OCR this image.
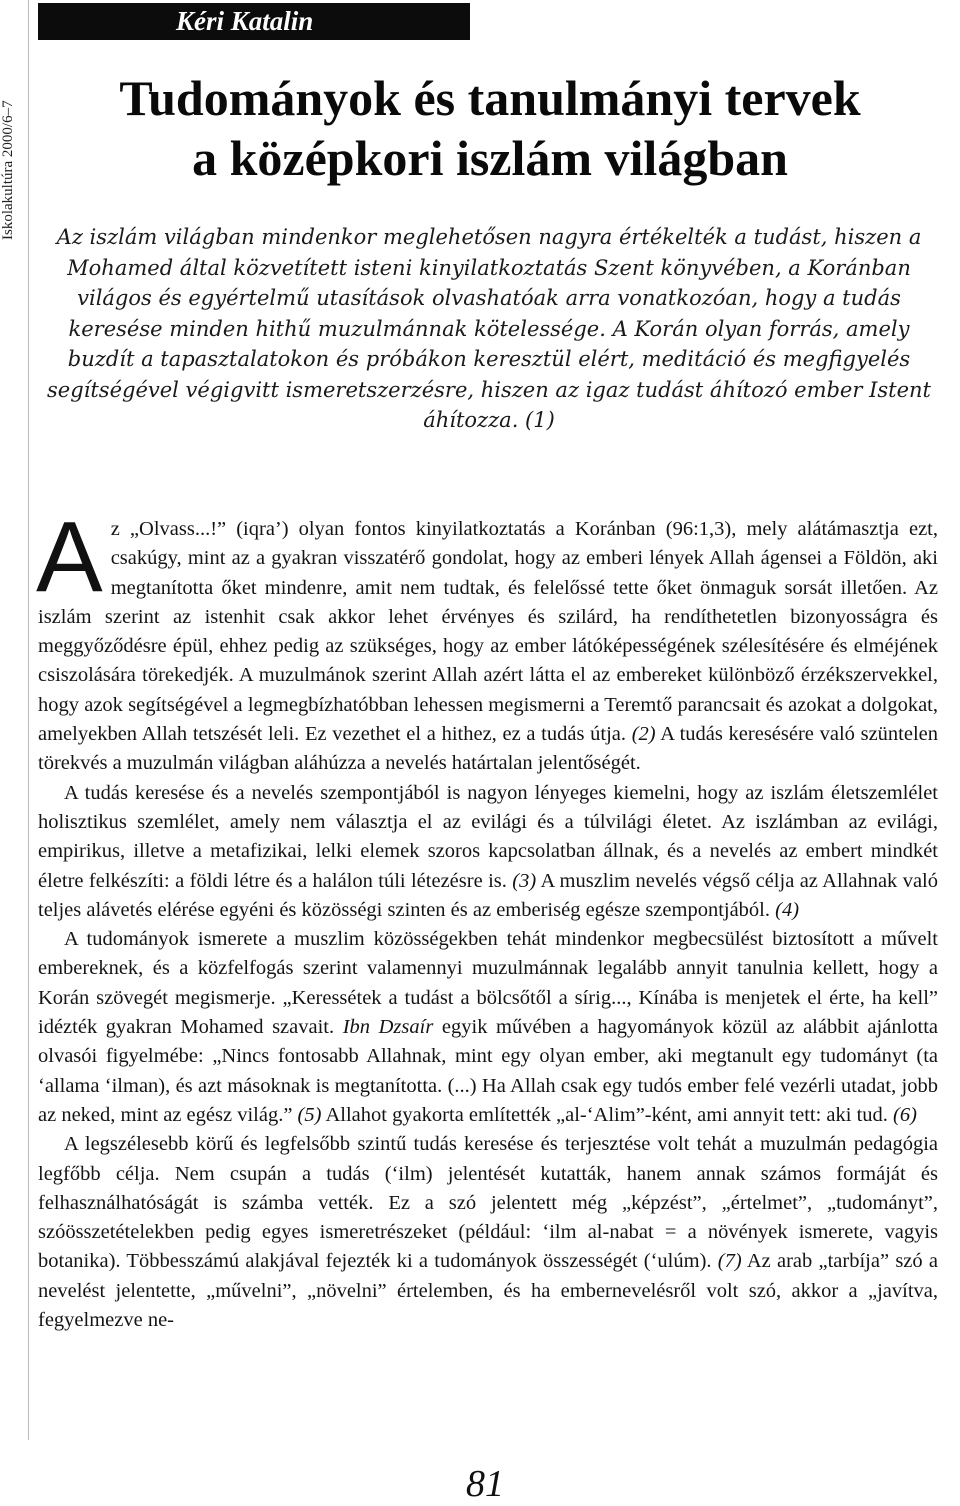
Iskolakultúra 2000/6–7
Kéri Katalin
Tudományok és tanulmányi tervek
a középkori iszlám világban

Az iszlám világban mindenkor meglehetősen nagyra értékelték a tudást, hiszen a Mohamed által közvetített isteni kinyilatkoztatás Szent könyvében, a Koránban világos és egyértelmű utasítások olvashatóak arra vonatkozóan, hogy a tudás keresése minden hithű muzulmánnak kötelessége. A Korán olyan forrás, amely buzdít a tapasztalatokon és próbákon keresztül elért, meditáció és megfigyelés segítségével végigvitt ismeretszerzésre, hiszen az igaz tudást áhítozó ember Istent áhítozza. (1)

Az „Olvass...!” (iqra’) olyan fontos kinyilatkoztatás a Koránban (96:1,3), mely alátámasztja ezt, csakúgy, mint az a gyakran visszatérő gondolat, hogy az emberi lények Allah ágensei a Földön, aki megtanította őket mindenre, amit nem tudtak, és felelőssé tette őket önmaguk sorsát illetően. Az iszlám szerint az istenhit csak akkor lehet érvényes és szilárd, ha rendíthetetlen bizonyosságra és meggyőződésre épül, ehhez pedig az szükséges, hogy az ember látóképességének szélesítésére és elméjének csiszolására törekedjék. A muzulmánok szerint Allah azért látta el az embereket különböző érzékszervekkel, hogy azok segítségével a legmegbízhatóbban lehessen megismerni a Teremtő parancsait és azokat a dolgokat, amelyekben Allah tetszését leli. Ez vezethet el a hithez, ez a tudás útja. (2) A tudás keresésére való szüntelen törekvés a muzulmán világban aláhúzza a nevelés határtalan jelentőségét.

A tudás keresése és a nevelés szempontjából is nagyon lényeges kiemelni, hogy az iszlám életszemlélet holisztikus szemlélet, amely nem választja el az evilági és a túlvilági életet. Az iszlámban az evilági, empirikus, illetve a metafizikai, lelki elemek szoros kapcsolatban állnak, és a nevelés az embert mindkét életre felkészíti: a földi létre és a halálon túli létezésre is. (3) A muszlim nevelés végső célja az Allahnak való teljes alávetés elérése egyéni és közösségi szinten és az emberiség egésze szempontjából. (4)

A tudományok ismerete a muszlim közösségekben tehát mindenkor megbecsülést biztosított a művelt embereknek, és a közfelfogás szerint valamennyi muzulmánnak legalább annyit tanulnia kellett, hogy a Korán szövegét megismerje. „Keressétek a tudást a bölcsőtől a sírig..., Kínába is menjetek el érte, ha kell” idézték gyakran Mohamed szavait. Ibn Dzsaír egyik művében a hagyományok közül az alábbit ajánlotta olvasói figyelmébe: „Nincs fontosabb Allahnak, mint egy olyan ember, aki megtanult egy tudományt (ta ‘allama ‘ilman), és azt másoknak is megtanította. (...) Ha Allah csak egy tudós ember felé vezérli utadat, jobb az neked, mint az egész világ.” (5) Allahot gyakorta említették „al-‘Alim”-ként, ami annyit tett: aki tud. (6)

A legszélesebb körű és legfelsőbb szintű tudás keresése és terjesztése volt tehát a muzulmán pedagógia legfőbb célja. Nem csupán a tudás (‘ilm) jelentését kutatták, hanem annak számos formáját és felhasználhatóságát is számba vették. Ez a szó jelentett még „képzést”, „értelmet”, „tudományt”, szóösszetételekben pedig egyes ismeretrészeket (például: ‘ilm al-nabat = a növények ismerete, vagyis botanika). Többesszámú alakjával fejezték ki a tudományok összességét (‘ulúm). (7) Az arab „tarbíja” szó a nevelést jelentette, „művelni”, „növelni” értelemben, és ha embernevelésről volt szó, akkor a „javítva, fegyelmezve ne-

81
